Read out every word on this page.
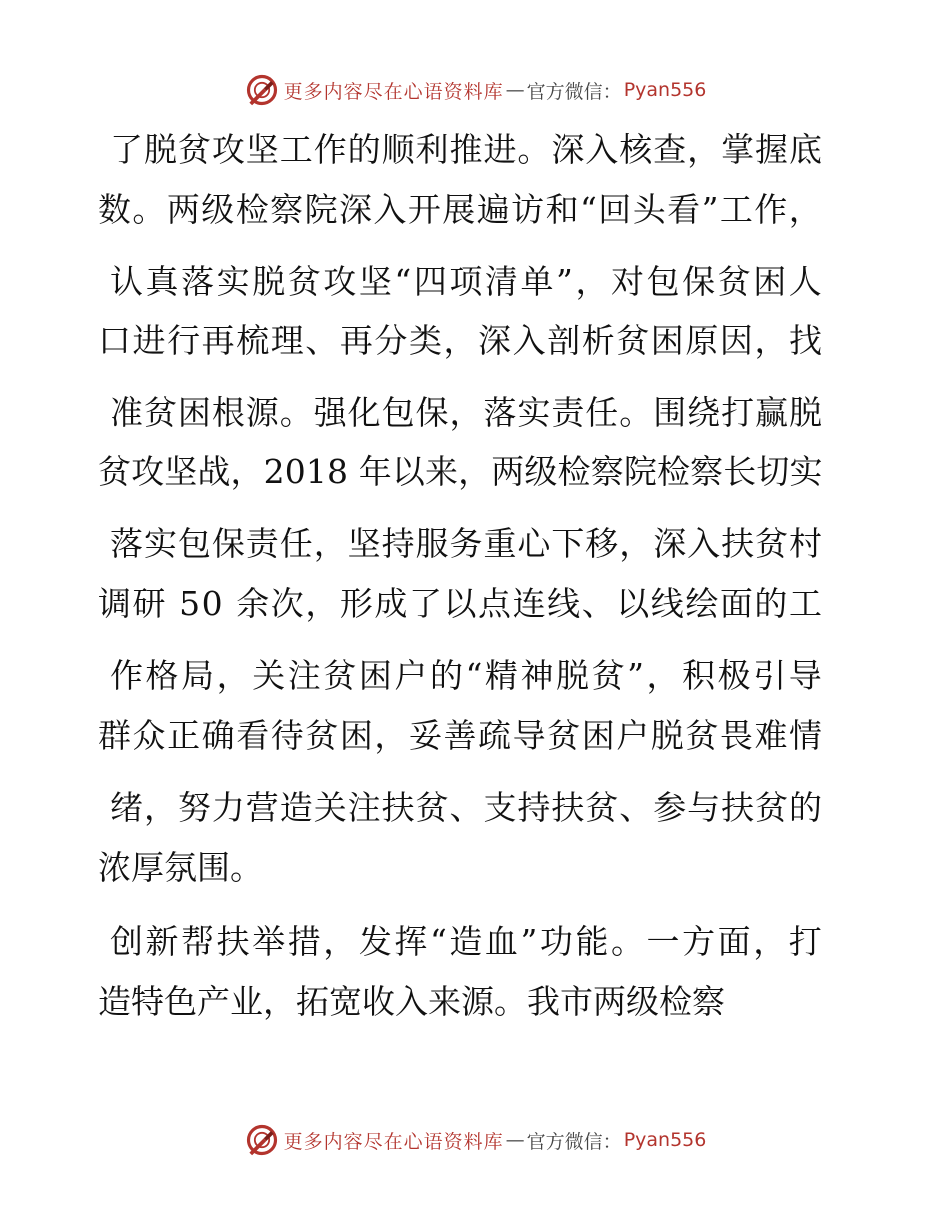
更多内容尽在心语资料库 — 官方微信： Pyan556
了脱贫攻坚工作的顺利推进。深入核查，掌握底
数。两级检察院深入开展遍访和“回头看”工作，
认真落实脱贫攻坚“四项清单”，对包保贫困人
口进行再梳理、再分类，深入剖析贫困原因，找
准贫困根源。强化包保，落实责任。围绕打赢脱
贫攻坚战，2018 年以来，两级检察院检察长切实
落实包保责任，坚持服务重心下移，深入扶贫村
调研 50 余次，形成了以点连线、以线绘面的工
作格局，关注贫困户的“精神脱贫”，积极引导
群众正确看待贫困，妥善疏导贫困户脱贫畏难情
绪，努力营造关注扶贫、支持扶贫、参与扶贫的
浓厚氛围。
创新帮扶举措，发挥“造血”功能。一方面，打
造特色产业，拓宽收入来源。我市两级检察
更多内容尽在心语资料库 — 官方微信： Pyan556
